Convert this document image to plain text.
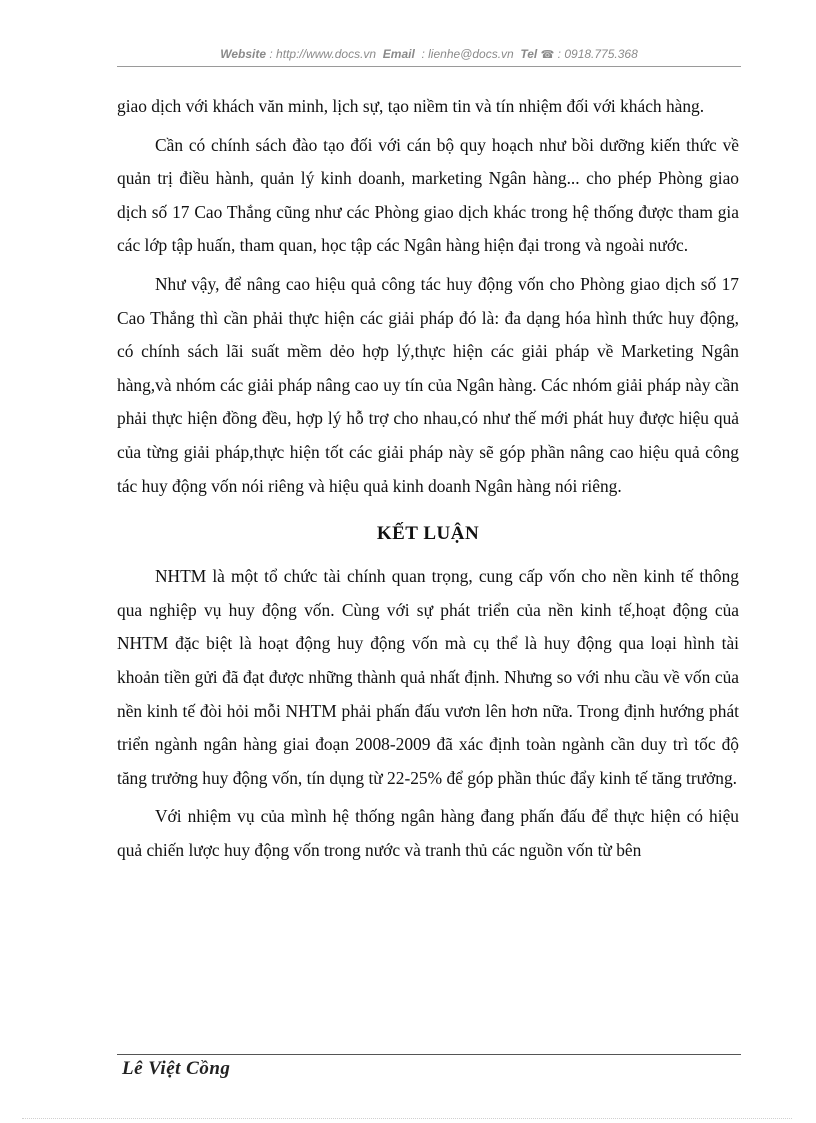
Website : http://www.docs.vn Email : lienhe@docs.vn Tel ☎ : 0918.775.368

giao dịch với khách văn minh, lịch sự, tạo niềm tin và tín nhiệm đối với khách hàng.

Cần có chính sách đào tạo đối với cán bộ quy hoạch như bồi dưỡng kiến thức về quản trị điều hành, quản lý kinh doanh, marketing Ngân hàng... cho phép Phòng giao dịch số 17 Cao Thắng cũng như các Phòng giao dịch khác trong hệ thống được tham gia các lớp tập huấn, tham quan, học tập các Ngân hàng hiện đại trong và ngoài nước.

Như vậy, để nâng cao hiệu quả công tác huy động vốn cho Phòng giao dịch số 17 Cao Thắng thì cần phải thực hiện các giải pháp đó là: đa dạng hóa hình thức huy động, có chính sách lãi suất mềm dẻo hợp lý,thực hiện các giải pháp về Marketing Ngân hàng,và nhóm các giải pháp nâng cao uy tín của Ngân hàng. Các nhóm giải pháp này cần phải thực hiện đồng đều, hợp lý hỗ trợ cho nhau,có như thế mới phát huy được hiệu quả của từng giải pháp,thực hiện tốt các giải pháp này sẽ góp phần nâng cao hiệu quả công tác huy động vốn nói riêng và hiệu quả kinh doanh Ngân hàng nói riêng.

KẾT LUẬN

NHTM là một tổ chức tài chính quan trọng, cung cấp vốn cho nền kinh tế thông qua nghiệp vụ huy động vốn. Cùng với sự phát triển của nền kinh tế,hoạt động của NHTM đặc biệt là hoạt động huy động vốn mà cụ thể là huy động qua loại hình tài khoản tiền gửi đã đạt được những thành quả nhất định. Nhưng so với nhu cầu về vốn của nền kinh tế đòi hỏi mỗi NHTM phải phấn đấu vươn lên hơn nữa. Trong định hướng phát triển ngành ngân hàng giai đoạn 2008-2009 đã xác định toàn ngành cần duy trì tốc độ tăng trưởng huy động vốn, tín dụng từ 22-25% để góp phần thúc đẩy kinh tế tăng trưởng.

Với nhiệm vụ của mình hệ thống ngân hàng đang phấn đấu để thực hiện có hiệu quả chiến lược huy động vốn trong nước và tranh thủ các nguồn vốn từ bên

Lê Việt Cồng
